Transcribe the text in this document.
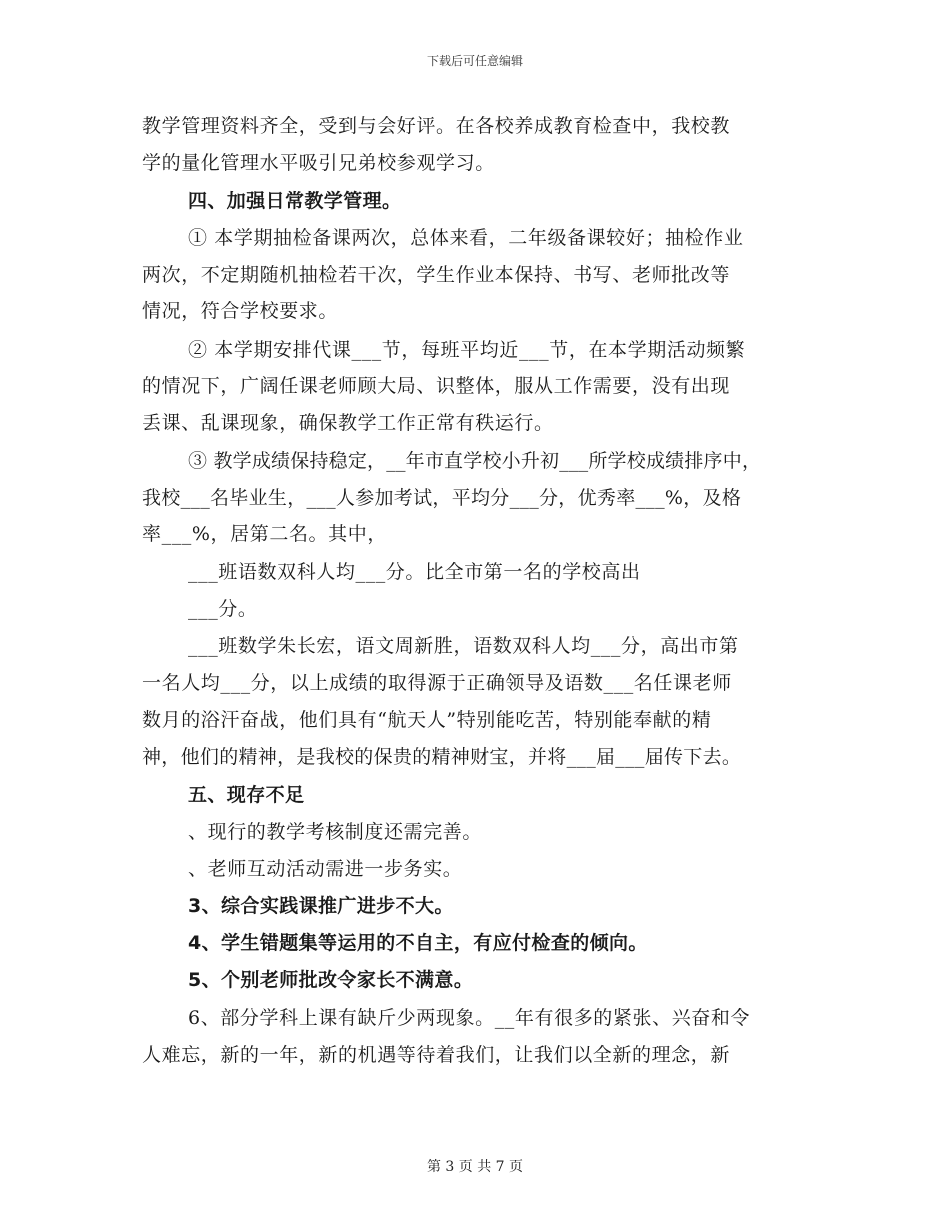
下载后可任意编辑
教学管理资料齐全，受到与会好评。在各校养成教育检查中，我校教
学的量化管理水平吸引兄弟校参观学习。
四、加强日常教学管理。
① 本学期抽检备课两次，总体来看，二年级备课较好；抽检作业
两次，不定期随机抽检若干次，学生作业本保持、书写、老师批改等
情况，符合学校要求。
② 本学期安排代课___节，每班平均近___节，在本学期活动频繁
的情况下，广阔任课老师顾大局、识整体，服从工作需要，没有出现
丢课、乱课现象，确保教学工作正常有秩运行。
③ 教学成绩保持稳定，__年市直学校小升初___所学校成绩排序中，
我校___名毕业生，___人参加考试，平均分___分，优秀率___%，及格
率___%，居第二名。其中，
___班语数双科人均___分。比全市第一名的学校高出
___分。
___班数学朱长宏，语文周新胜，语数双科人均___分，高出市第
一名人均___分，以上成绩的取得源于正确领导及语数___名任课老师
数月的浴汗奋战，他们具有“航天人”特别能吃苦，特别能奉献的精
神，他们的精神，是我校的保贵的精神财宝，并将___届___届传下去。
五、现存不足
、现行的教学考核制度还需完善。
、老师互动活动需进一步务实。
3、综合实践课推广进步不大。
4、学生错题集等运用的不自主，有应付检查的倾向。
5、个别老师批改令家长不满意。
6、部分学科上课有缺斤少两现象。__年有很多的紧张、兴奋和令
人难忘，新的一年，新的机遇等待着我们，让我们以全新的理念，新
第 3 页 共 7 页
